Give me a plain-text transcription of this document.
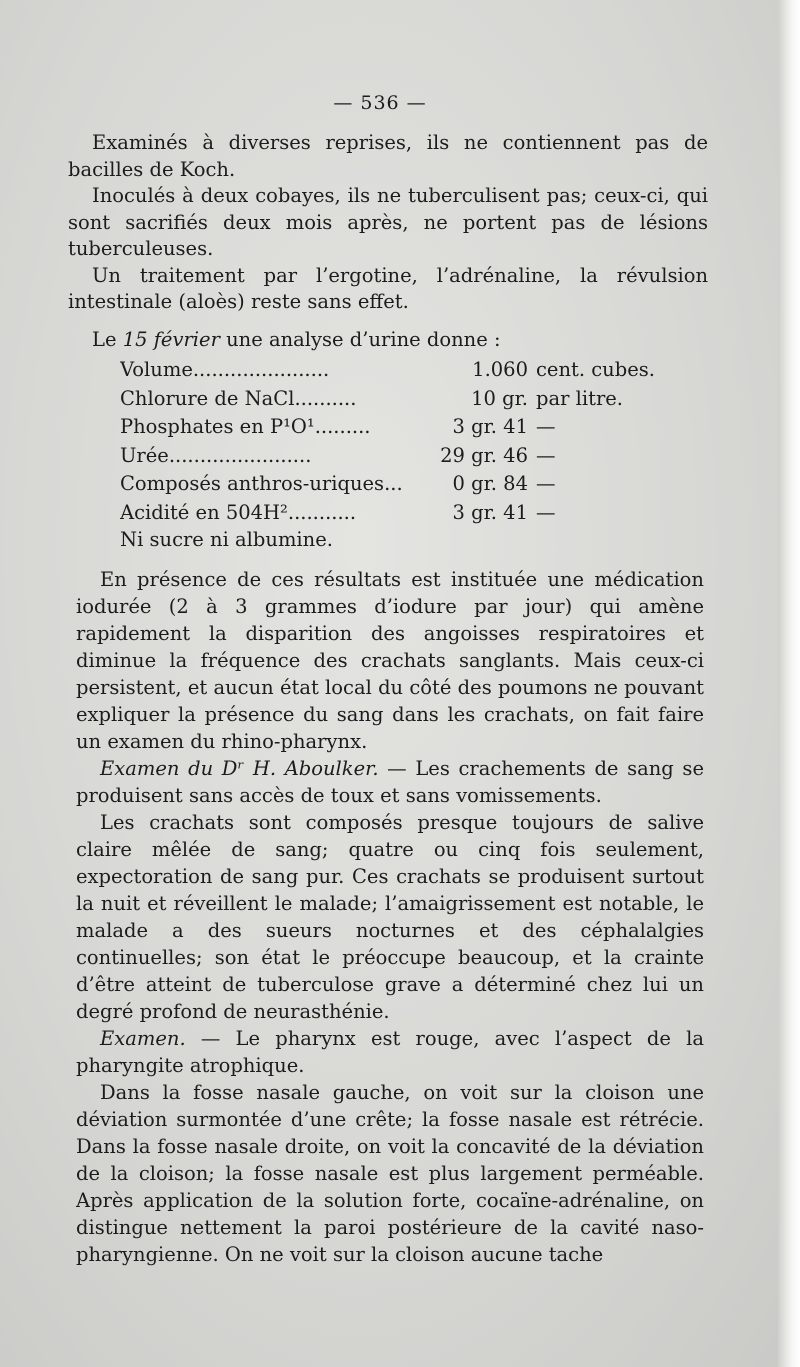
— 536 —

Examinés à diverses reprises, ils ne contiennent pas de bacilles de Koch.

Inoculés à deux cobayes, ils ne tuberculisent pas; ceux-ci, qui sont sacrifiés deux mois après, ne portent pas de lésions tuberculeuses.

Un traitement par l’ergotine, l’adrénaline, la révulsion intestinale (aloès) reste sans effet.

Le 15 février une analyse d’urine donne :

Volume......................	1.060 cent. cubes.
Chlorure de NaCl..........	10 gr. par litre.
Phosphates en P¹O¹.........	3 gr. 41 —
Urée.......................	29 gr. 46 —
Composés anthros-uriques...	0 gr. 84 —
Acidité en 504H²...........	3 gr. 41 —
Ni sucre ni albumine.

En présence de ces résultats est instituée une médication iodurée (2 à 3 grammes d’iodure par jour) qui amène rapidement la disparition des angoisses respiratoires et diminue la fréquence des crachats sanglants. Mais ceux-ci persistent, et aucun état local du côté des poumons ne pouvant expliquer la présence du sang dans les crachats, on fait faire un examen du rhino-pharynx.

Examen du Dʳ H. Aboulker. — Les crachements de sang se produisent sans accès de toux et sans vomissements.

Les crachats sont composés presque toujours de salive claire mêlée de sang; quatre ou cinq fois seulement, expectoration de sang pur. Ces crachats se produisent surtout la nuit et réveillent le malade; l’amaigrissement est notable, le malade a des sueurs nocturnes et des céphalalgies continuelles; son état le préoccupe beaucoup, et la crainte d’être atteint de tuberculose grave a déterminé chez lui un degré profond de neurasthénie.

Examen. — Le pharynx est rouge, avec l’aspect de la pharyngite atrophique.

Dans la fosse nasale gauche, on voit sur la cloison une déviation surmontée d’une crête; la fosse nasale est rétrécie. Dans la fosse nasale droite, on voit la concavité de la déviation de la cloison; la fosse nasale est plus largement perméable. Après application de la solution forte, cocaïne-adrénaline, on distingue nettement la paroi postérieure de la cavité naso-pharyngienne. On ne voit sur la cloison aucune tache
